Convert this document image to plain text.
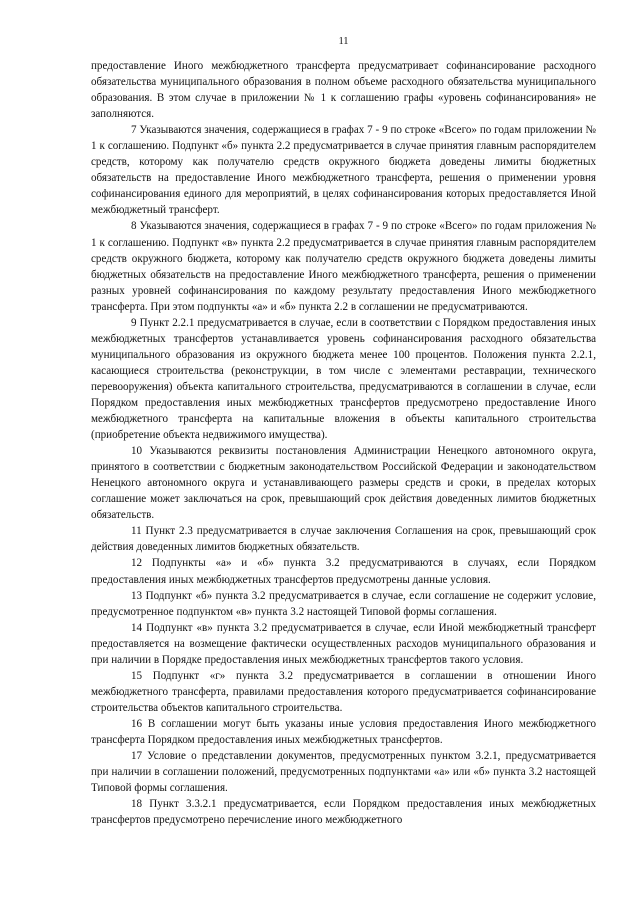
11

предоставление Иного межбюджетного трансферта предусматривает софинансирование расходного обязательства муниципального образования в полном объеме расходного обязательства муниципального образования. В этом случае в приложении № 1 к соглашению графы «уровень софинансирования» не заполняются.

7 Указываются значения, содержащиеся в графах 7 - 9 по строке «Всего» по годам приложении № 1 к соглашению. Подпункт «б» пункта 2.2 предусматривается в случае принятия главным распорядителем средств, которому как получателю средств окружного бюджета доведены лимиты бюджетных обязательств на предоставление Иного межбюджетного трансферта, решения о применении уровня софинансирования единого для мероприятий, в целях софинансирования которых предоставляется Иной межбюджетный трансферт.

8 Указываются значения, содержащиеся в графах 7 - 9 по строке «Всего» по годам приложения № 1 к соглашению. Подпункт «в» пункта 2.2 предусматривается в случае принятия главным распорядителем средств окружного бюджета, которому как получателю средств окружного бюджета доведены лимиты бюджетных обязательств на предоставление Иного межбюджетного трансферта, решения о применении разных уровней софинансирования по каждому результату предоставления Иного межбюджетного трансферта. При этом подпункты «а» и «б» пункта 2.2 в соглашении не предусматриваются.

9 Пункт 2.2.1 предусматривается в случае, если в соответствии с Порядком предоставления иных межбюджетных трансфертов устанавливается уровень софинансирования расходного обязательства муниципального образования из окружного бюджета менее 100 процентов. Положения пункта 2.2.1, касающиеся строительства (реконструкции, в том числе с элементами реставрации, технического перевооружения) объекта капитального строительства, предусматриваются в соглашении в случае, если Порядком предоставления иных межбюджетных трансфертов предусмотрено предоставление Иного межбюджетного трансферта на капитальные вложения в объекты капитального строительства (приобретение объекта недвижимого имущества).

10 Указываются реквизиты постановления Администрации Ненецкого автономного округа, принятого в соответствии с бюджетным законодательством Российской Федерации и законодательством Ненецкого автономного округа и устанавливающего размеры средств и сроки, в пределах которых соглашение может заключаться на срок, превышающий срок действия доведенных лимитов бюджетных обязательств.

11 Пункт 2.3 предусматривается в случае заключения Соглашения на срок, превышающий срок действия доведенных лимитов бюджетных обязательств.

12 Подпункты «а» и «б» пункта 3.2 предусматриваются в случаях, если Порядком предоставления иных межбюджетных трансфертов предусмотрены данные условия.

13 Подпункт «б» пункта 3.2 предусматривается в случае, если соглашение не содержит условие, предусмотренное подпунктом «в» пункта 3.2 настоящей Типовой формы соглашения.

14 Подпункт «в» пункта 3.2 предусматривается в случае, если Иной межбюджетный трансферт предоставляется на возмещение фактически осуществленных расходов муниципального образования и при наличии в Порядке предоставления иных межбюджетных трансфертов такого условия.

15 Подпункт «г» пункта 3.2 предусматривается в соглашении в отношении Иного межбюджетного трансферта, правилами предоставления которого предусматривается софинансирование строительства объектов капитального строительства.

16 В соглашении могут быть указаны иные условия предоставления Иного межбюджетного трансферта Порядком предоставления иных межбюджетных трансфертов.

17 Условие о представлении документов, предусмотренных пунктом 3.2.1, предусматривается при наличии в соглашении положений, предусмотренных подпунктами «а» или «б» пункта 3.2 настоящей Типовой формы соглашения.

18 Пункт 3.3.2.1 предусматривается, если Порядком предоставления иных межбюджетных трансфертов предусмотрено перечисление иного межбюджетного
